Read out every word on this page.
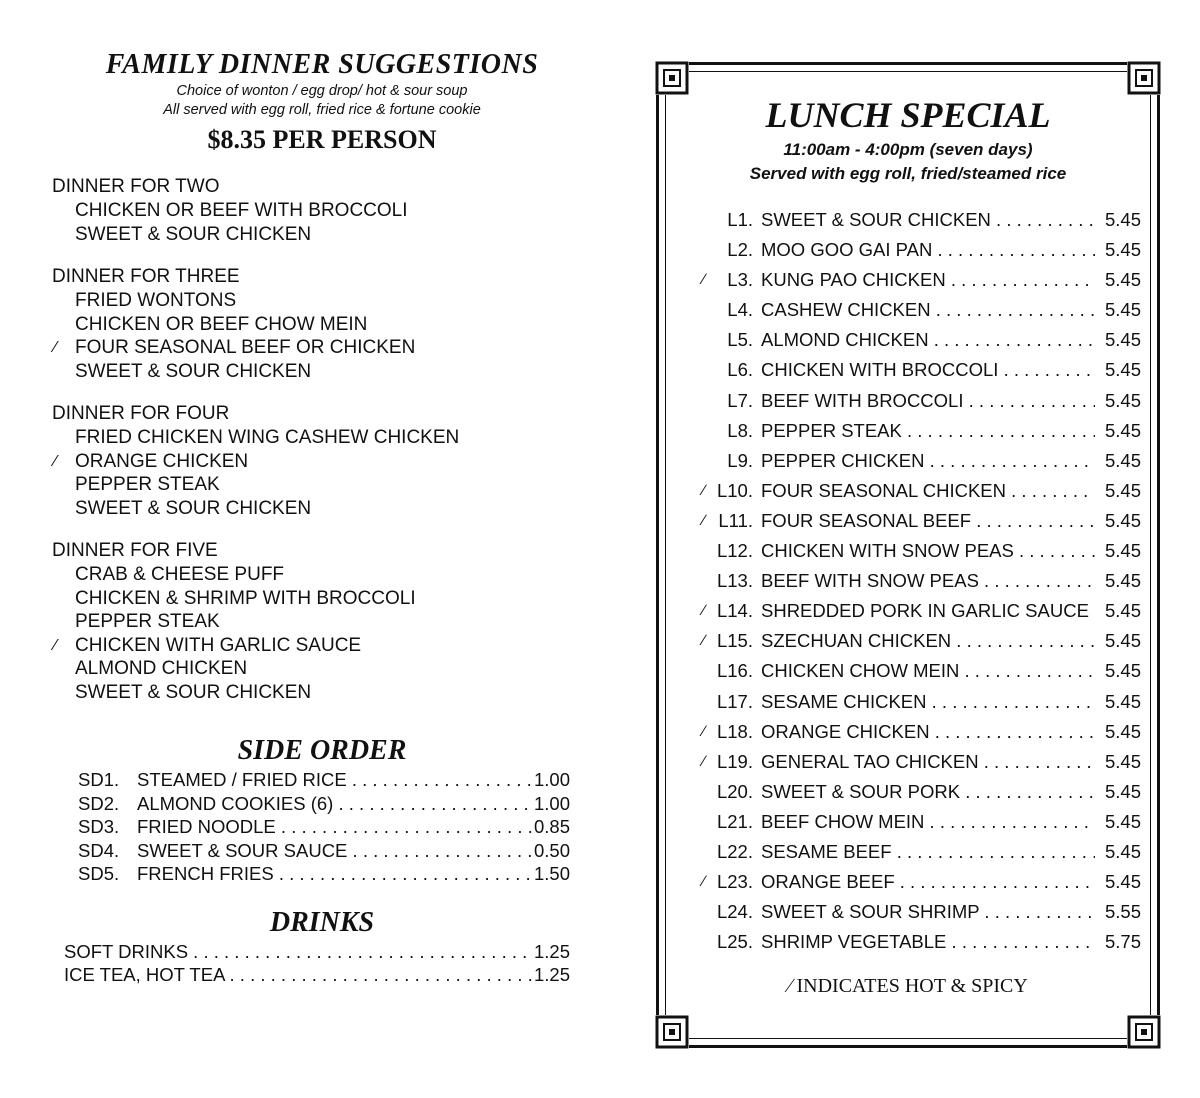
FAMILY DINNER SUGGESTIONS

Choice of wonton / egg drop/ hot & sour soup

All served with egg roll, fried rice & fortune cookie

$8.35 PER PERSON

DINNER FOR TWO
CHICKEN OR BEEF WITH BROCCOLI
SWEET & SOUR CHICKEN
DINNER FOR THREE
FRIED WONTONS
CHICKEN OR BEEF CHOW MEIN
∕ FOUR SEASONAL BEEF OR CHICKEN
SWEET & SOUR CHICKEN
DINNER FOR FOUR
FRIED CHICKEN WING CASHEW CHICKEN
∕ ORANGE CHICKEN
PEPPER STEAK
SWEET & SOUR CHICKEN
DINNER FOR FIVE
CRAB & CHEESE PUFF
CHICKEN & SHRIMP WITH BROCCOLI
PEPPER STEAK
∕ CHICKEN WITH GARLIC SAUCE
ALMOND CHICKEN
SWEET & SOUR CHICKEN

SIDE ORDER

SD1. STEAMED / FRIED RICE . . .	1.00
SD2. ALMOND COOKIES (6) . . .	1.00
SD3. FRIED NOODLE . . .	0.85
SD4. SWEET & SOUR SAUCE . . .	0.50
SD5. FRENCH FRIES . . .	1.50

DRINKS

SOFT DRINKS . . .	1.25
ICE TEA, HOT TEA . . .	1.25
LUNCH SPECIAL
11:00am - 4:00pm (seven days)
Served with egg roll, fried/steamed rice
L1. SWEET & SOUR CHICKEN . . .	5.45
L2. MOO GOO GAI PAN . . .	5.45
∕	L3. KUNG PAO CHICKEN . . .	5.45
L4. CASHEW CHICKEN . . .	5.45
L5. ALMOND CHICKEN . . .	5.45
L6. CHICKEN WITH BROCCOLI . . .	5.45
L7. BEEF WITH BROCCOLI . . .	5.45
L8. PEPPER STEAK . . .	5.45
L9. PEPPER CHICKEN . . .	5.45
∕ L10. FOUR SEASONAL CHICKEN . . .	5.45
∕ L11. FOUR SEASONAL BEEF . . .	5.45
L12. CHICKEN WITH SNOW PEAS . . .	5.45
L13. BEEF WITH SNOW PEAS . . .	5.45
∕ L14. SHREDDED PORK IN GARLIC SAUCE . . . 5.45
∕ L15. SZECHUAN CHICKEN . . .	5.45
L16. CHICKEN CHOW MEIN . . .	5.45
L17. SESAME CHICKEN . . .	5.45
∕ L18. ORANGE CHICKEN . . .	5.45
∕ L19. GENERAL TAO CHICKEN . . .	5.45
L20. SWEET & SOUR PORK . . .	5.45
L21. BEEF CHOW MEIN . . .	5.45
L22. SESAME BEEF . . .	5.45
∕ L23. ORANGE BEEF . . .	5.45
L24. SWEET & SOUR SHRIMP . . .	5.55
L25. SHRIMP VEGETABLE . . .	5.75
∕ INDICATES HOT & SPICY
